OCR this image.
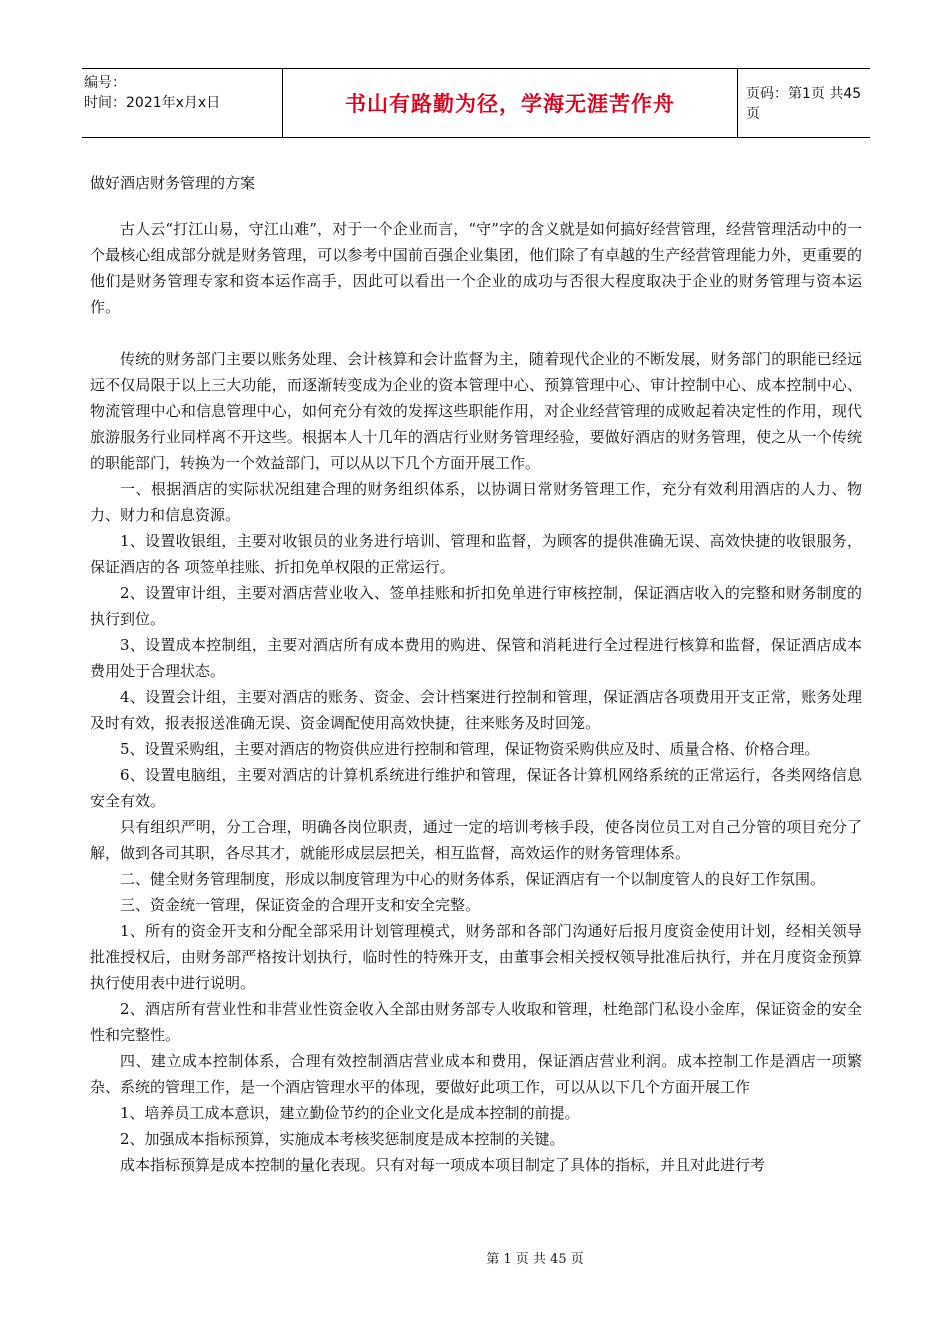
编号：
时间：2021年x月x日	书山有路勤为径，学海无涯苦作舟	页码：第1页 共45页
做好酒店财务管理的方案

古人云“打江山易，守江山难”，对于一个企业而言，“守”字的含义就是如何搞好经营管理，经营管理活动中的一个最核心组成部分就是财务管理，可以参考中国前百强企业集团，他们除了有卓越的生产经营管理能力外，更重要的他们是财务管理专家和资本运作高手，因此可以看出一个企业的成功与否很大程度取决于企业的财务管理与资本运作。

传统的财务部门主要以账务处理、会计核算和会计监督为主，随着现代企业的不断发展，财务部门的职能已经远远不仅局限于以上三大功能，而逐渐转变成为企业的资本管理中心、预算管理中心、审计控制中心、成本控制中心、物流管理中心和信息管理中心，如何充分有效的发挥这些职能作用，对企业经营管理的成败起着决定性的作用，现代旅游服务行业同样离不开这些。根据本人十几年的酒店行业财务管理经验，要做好酒店的财务管理，使之从一个传统的职能部门，转换为一个效益部门，可以从以下几个方面开展工作。

一、根据酒店的实际状况组建合理的财务组织体系，以协调日常财务管理工作，充分有效利用酒店的人力、物力、财力和信息资源。

1、设置收银组，主要对收银员的业务进行培训、管理和监督，为顾客的提供准确无误、高效快捷的收银服务，保证酒店的各 项签单挂账、折扣免单权限的正常运行。

2、设置审计组，主要对酒店营业收入、签单挂账和折扣免单进行审核控制，保证酒店收入的完整和财务制度的执行到位。

3、设置成本控制组，主要对酒店所有成本费用的购进、保管和消耗进行全过程进行核算和监督，保证酒店成本费用处于合理状态。

4、设置会计组，主要对酒店的账务、资金、会计档案进行控制和管理，保证酒店各项费用开支正常，账务处理及时有效，报表报送准确无误、资金调配使用高效快捷，往来账务及时回笼。

5、设置采购组，主要对酒店的物资供应进行控制和管理，保证物资采购供应及时、质量合格、价格合理。

6、设置电脑组，主要对酒店的计算机系统进行维护和管理，保证各计算机网络系统的正常运行，各类网络信息安全有效。

只有组织严明，分工合理，明确各岗位职责，通过一定的培训考核手段，使各岗位员工对自己分管的项目充分了解，做到各司其职，各尽其才，就能形成层层把关，相互监督，高效运作的财务管理体系。

二、健全财务管理制度，形成以制度管理为中心的财务体系，保证酒店有一个以制度管人的良好工作氛围。

三、资金统一管理，保证资金的合理开支和安全完整。

1、所有的资金开支和分配全部采用计划管理模式，财务部和各部门沟通好后报月度资金使用计划，经相关领导批准授权后，由财务部严格按计划执行，临时性的特殊开支，由董事会相关授权领导批准后执行，并在月度资金预算执行使用表中进行说明。

2、酒店所有营业性和非营业性资金收入全部由财务部专人收取和管理，杜绝部门私设小金库，保证资金的安全性和完整性。

四、建立成本控制体系，合理有效控制酒店营业成本和费用，保证酒店营业利润。成本控制工作是酒店一项繁杂、系统的管理工作，是一个酒店管理水平的体现，要做好此项工作，可以从以下几个方面开展工作

1、培养员工成本意识，建立勤俭节约的企业文化是成本控制的前提。

2、加强成本指标预算，实施成本考核奖惩制度是成本控制的关键。

成本指标预算是成本控制的量化表现。只有对每一项成本项目制定了具体的指标，并且对此进行考

第 1 页 共 45 页
